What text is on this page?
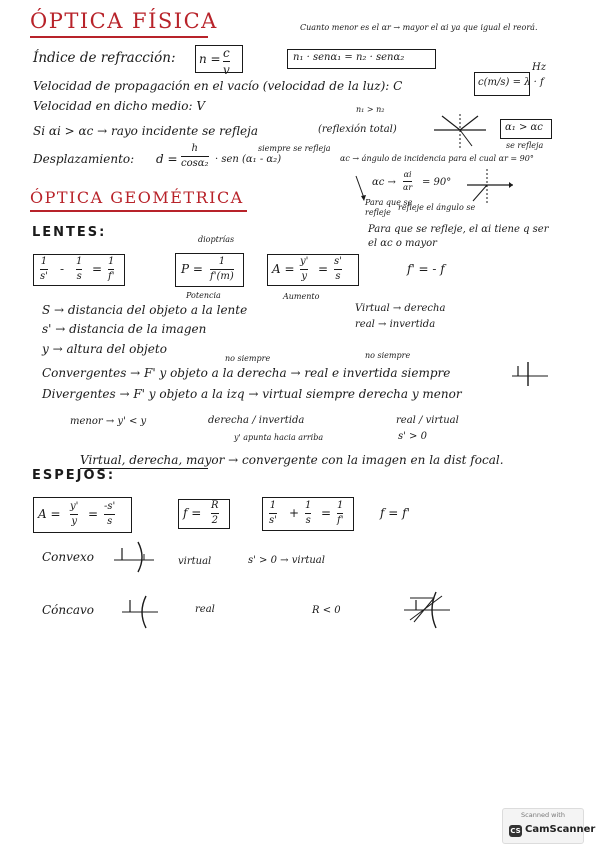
ÓPTICA FÍSICA	Cuanto menor es el αr → mayor el αi ya que igual el reorá.
Índice de refracción: n = c
v
n₁ · senα₁ = n₂ · senα₂
Velocidad de propagación en el vacío (velocidad de la luz): C	c(m/s) = λ · f
Hz
Velocidad en dicho medio: V	n₁ > n₂
Si αi > αc → rayo incidente se refleja	(reflexión total)
siempre se refleja
α₁ > αc
se refleja
Desplazamiento: d =
h
cosα₂ · sen (α₁ - α₂)	αc → ángulo de incidencia para el cual αr = 90°
αc →
αi
αr = 90°
Para que se
refleje el ángulo se
refleje
Para que se refleje, el αi tiene q ser
el αc o mayor
ÓPTICA GEOMÉTRICA
LENTES:
1
s'
-
1
s
=
1
f'
dioptrías
P =
1
f'(m)
Potencia
A =
y'
y
=
s'
s
Aumento
f' = - f
S → distancia del objeto a la lente
s' → distancia de la imagen
y → altura del objeto
Virtual → derecha
real → invertida
no siempre	no siempre
Convergentes → F' y objeto a la derecha → real e invertida siempre
Divergentes → F' y objeto a la izq → virtual siempre derecha y menor
menor → y' < y	derecha / invertida
y' apunta hacia arriba
real / virtual
s' > 0
Virtual, derecha, mayor → convergente con la imagen en la dist focal.
ESPEJOS:
A =
y'
y
=
-s'
s
f =
R
2
1
s'
+
1
s
=
1
f'
f = f'
Convexo	virtual	s' > 0 → virtual
Cóncavo	real	R < 0
Scanned with
CS CamScanner
